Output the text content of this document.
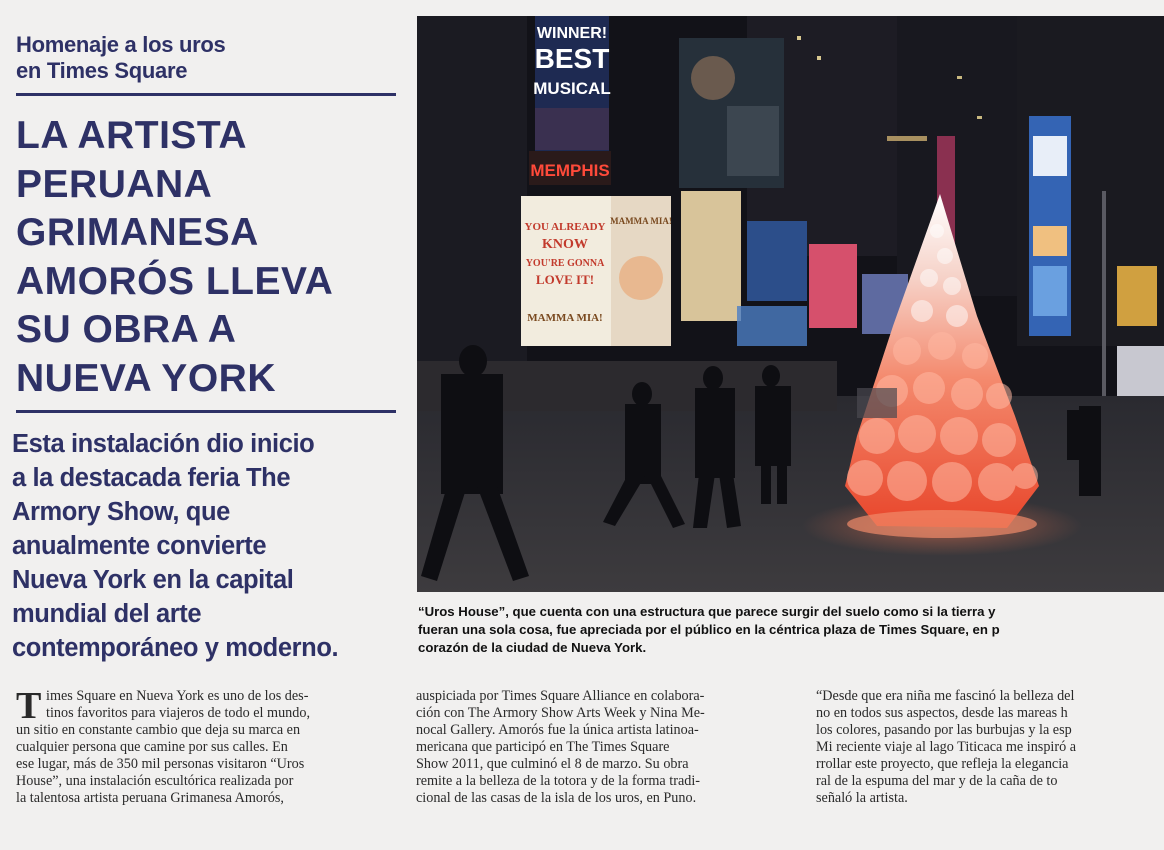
Homenaje a los uros
en Times Square
LA ARTISTA
PERUANA
GRIMANESA
AMORÓS LLEVA
SU OBRA A
NUEVA YORK
Esta instalación dio inicio
a la destacada feria The
Armory Show, que
anualmente convierte
Nueva York en la capital
mundial del arte
contemporáneo y moderno.
WINNER!
BEST
MUSICAL
MEMPHIS
YOU ALREADY
KNOW
YOU'RE GONNA
LOVE IT!
MAMMA MIA!
MAMMA MIA!
“Uros House”, que cuenta con una estructura que parece surgir del suelo como si la tierra y
fueran una sola cosa, fue apreciada por el público en la céntrica plaza de Times Square, en p
corazón de la ciudad de Nueva York.
T imes Square en Nueva York es uno de los des-
tinos favoritos para viajeros de todo el mundo,
un sitio en constante cambio que deja su marca en
cualquier persona que camine por sus calles. En
ese lugar, más de 350 mil personas visitaron “Uros
House”, una instalación escultórica realizada por
la talentosa artista peruana Grimanesa Amorós,
auspiciada por Times Square Alliance en colabora-
ción con The Armory Show Arts Week y Nina Me-
nocal Gallery. Amorós fue la única artista latinoa-
mericana que participó en The Times Square
Show 2011, que culminó el 8 de marzo. Su obra
remite a la belleza de la totora y de la forma tradi-
cional de las casas de la isla de los uros, en Puno.
“Desde que era niña me fascinó la belleza del
no en todos sus aspectos, desde las mareas h
los colores, pasando por las burbujas y la esp
Mi reciente viaje al lago Titicaca me inspiró a
rrollar este proyecto, que refleja la elegancia
ral de la espuma del mar y de la caña de to
señaló la artista.
